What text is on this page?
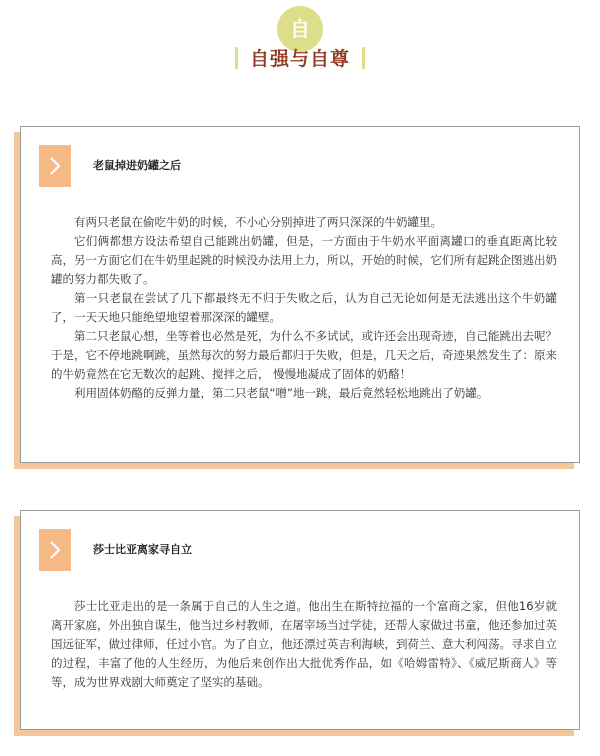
自
自强与自尊
老鼠掉进奶罐之后

有两只老鼠在偷吃牛奶的时候，不小心分别掉进了两只深深的牛奶罐里。

它们俩都想方设法希望自己能跳出奶罐，但是，一方面由于牛奶水平面离罐口的垂直距离比较高，另一方面它们在牛奶里起跳的时候没办法用上力，所以，开始的时候，它们所有起跳企图逃出奶罐的努力都失败了。

第一只老鼠在尝试了几下都最终无不归于失败之后，认为自己无论如何是无法逃出这个牛奶罐了，一天天地只能绝望地望着那深深的罐壁。

第二只老鼠心想，坐等着也必然是死，为什么不多试试，或许还会出现奇迹，自己能跳出去呢？于是，它不停地跳啊跳，虽然每次的努力最后都归于失败，但是，几天之后，奇迹果然发生了：原来的牛奶竟然在它无数次的起跳、搅拌之后， 慢慢地凝成了固体的奶酪！

利用固体奶酪的反弹力量，第二只老鼠“噌”地一跳，最后竟然轻松地跳出了奶罐。

莎士比亚离家寻自立

莎士比亚走出的是一条属于自己的人生之道。他出生在斯特拉福的一个富商之家，但他16岁就离开家庭，外出独自谋生，他当过乡村教师，在屠宰场当过学徒，还帮人家做过书童，他还参加过英国远征军，做过律师，任过小官。为了自立，他还漂过英吉利海峡，到荷兰、意大利闯荡。寻求自立的过程，丰富了他的人生经历，为他后来创作出大批优秀作品，如《哈姆雷特》、《威尼斯商人》等等，成为世界戏剧大师奠定了坚实的基础。
